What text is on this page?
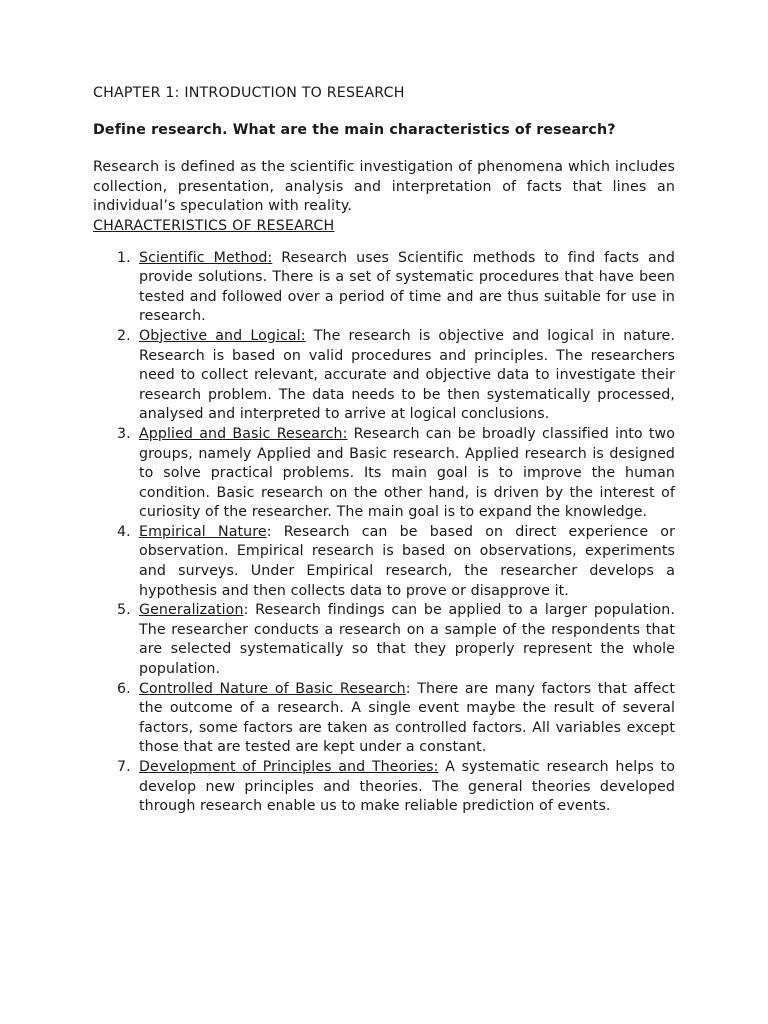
CHAPTER 1: INTRODUCTION TO RESEARCH
Define research. What are the main characteristics of research?

Research is defined as the scientific investigation of phenomena which includes collection, presentation, analysis and interpretation of facts that lines an individual’s speculation with reality.

CHARACTERISTICS OF RESEARCH
1. Scientific Method: Research uses Scientific methods to find facts and provide solutions. There is a set of systematic procedures that have been tested and followed over a period of time and are thus suitable for use in research.
2. Objective and Logical: The research is objective and logical in nature. Research is based on valid procedures and principles. The researchers need to collect relevant, accurate and objective data to investigate their research problem. The data needs to be then systematically processed, analysed and interpreted to arrive at logical conclusions.
3. Applied and Basic Research: Research can be broadly classified into two groups, namely Applied and Basic research. Applied research is designed to solve practical problems. Its main goal is to improve the human condition. Basic research on the other hand, is driven by the interest of curiosity of the researcher. The main goal is to expand the knowledge.
4. Empirical Nature: Research can be based on direct experience or observation. Empirical research is based on observations, experiments and surveys. Under Empirical research, the researcher develops a hypothesis and then collects data to prove or disapprove it.
5. Generalization: Research findings can be applied to a larger population. The researcher conducts a research on a sample of the respondents that are selected systematically so that they properly represent the whole population.
6. Controlled Nature of Basic Research: There are many factors that affect the outcome of a research. A single event maybe the result of several factors, some factors are taken as controlled factors. All variables except those that are tested are kept under a constant.
7. Development of Principles and Theories: A systematic research helps to develop new principles and theories. The general theories developed through research enable us to make reliable prediction of events.
